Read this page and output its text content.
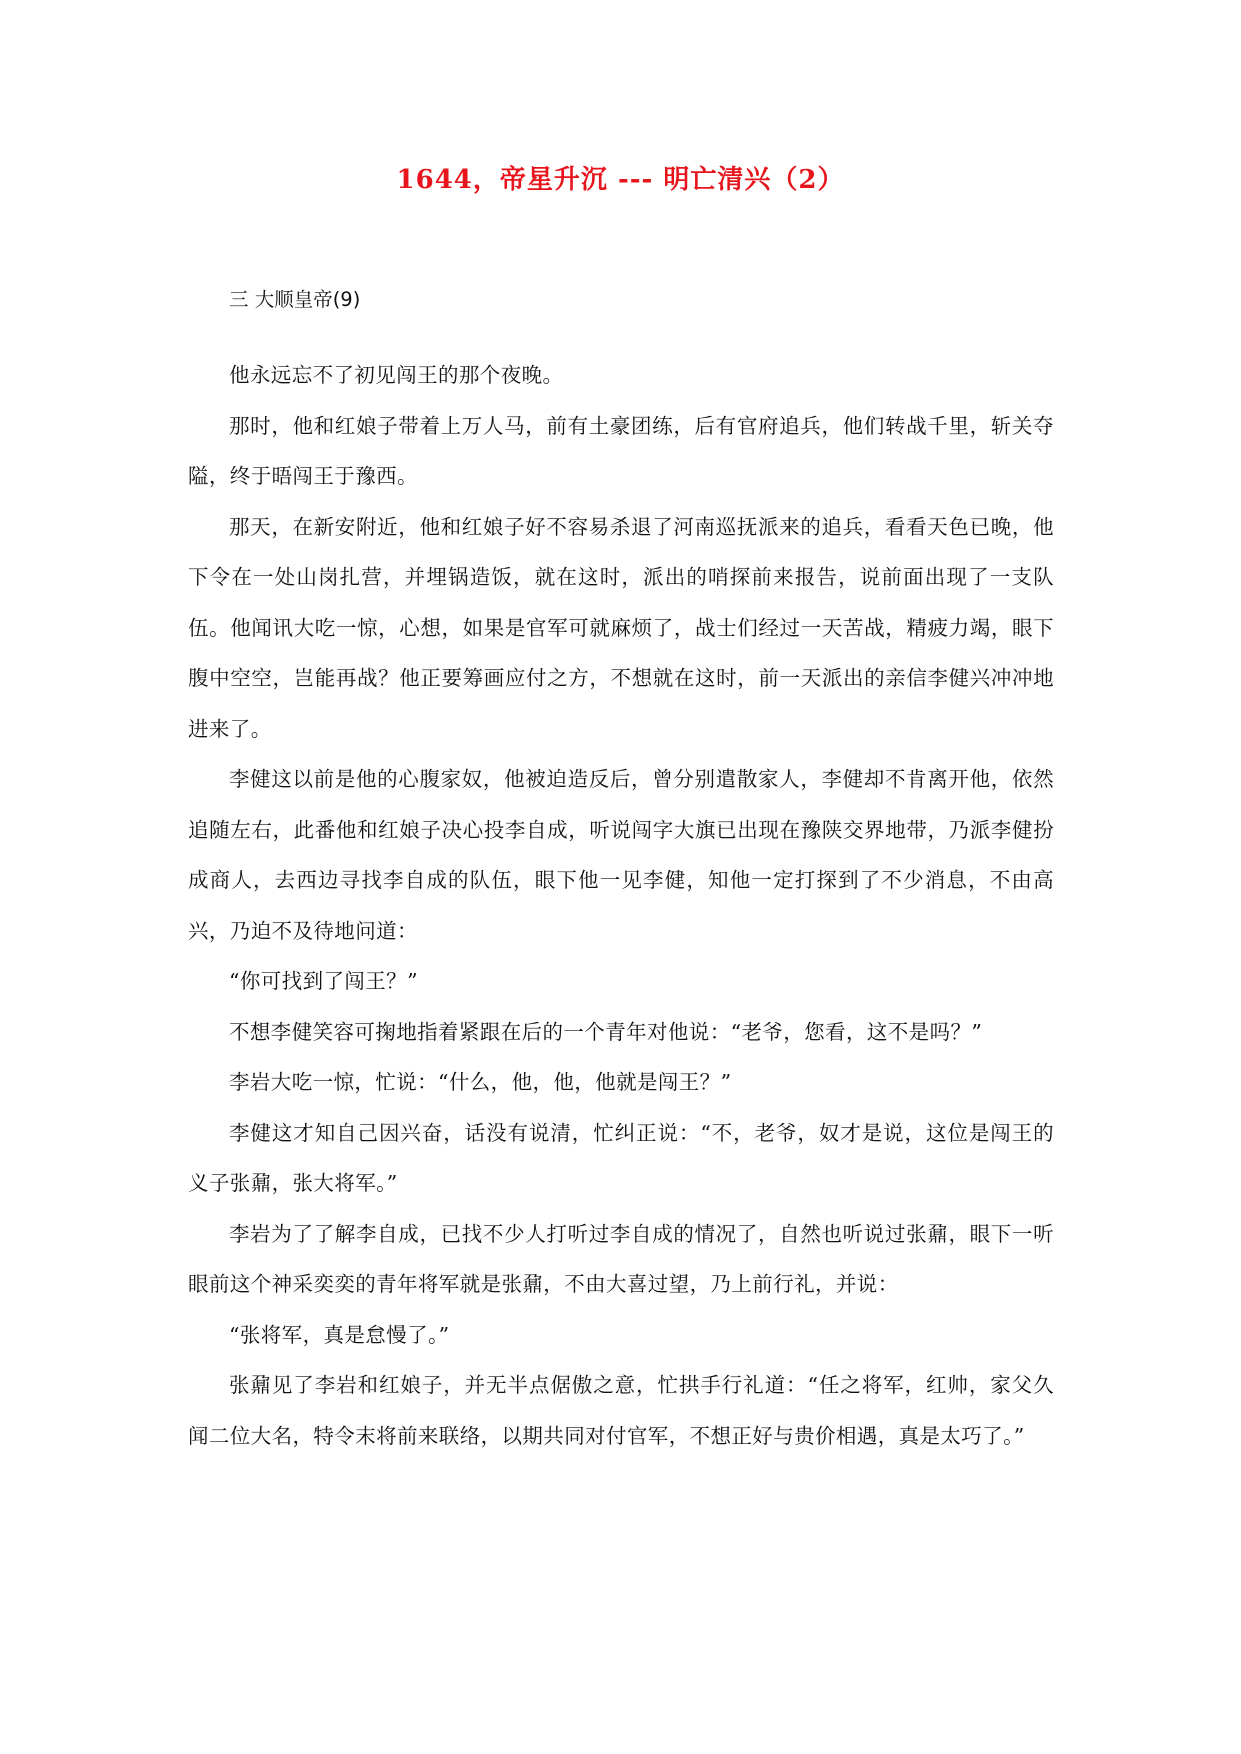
1644，帝星升沉 --- 明亡清兴（2）

三 大顺皇帝(9)

他永远忘不了初见闯王的那个夜晚。

那时，他和红娘子带着上万人马，前有土豪团练，后有官府追兵，他们转战千里，斩关夺隘，终于晤闯王于豫西。

那天，在新安附近，他和红娘子好不容易杀退了河南巡抚派来的追兵，看看天色已晚，他下令在一处山岗扎营，并埋锅造饭，就在这时，派出的哨探前来报告，说前面出现了一支队伍。他闻讯大吃一惊，心想，如果是官军可就麻烦了，战士们经过一天苦战，精疲力竭，眼下腹中空空，岂能再战？他正要筹画应付之方，不想就在这时，前一天派出的亲信李健兴冲冲地进来了。

李健这以前是他的心腹家奴，他被迫造反后，曾分别遣散家人，李健却不肯离开他，依然追随左右，此番他和红娘子决心投李自成，听说闯字大旗已出现在豫陕交界地带，乃派李健扮成商人，去西边寻找李自成的队伍，眼下他一见李健，知他一定打探到了不少消息，不由高兴，乃迫不及待地问道：

“你可找到了闯王？”

不想李健笑容可掬地指着紧跟在后的一个青年对他说：“老爷，您看，这不是吗？”

李岩大吃一惊，忙说：“什么，他，他，他就是闯王？”

李健这才知自己因兴奋，话没有说清，忙纠正说：“不，老爷，奴才是说，这位是闯王的义子张鼐，张大将军。”

李岩为了了解李自成，已找不少人打听过李自成的情况了，自然也听说过张鼐，眼下一听眼前这个神采奕奕的青年将军就是张鼐，不由大喜过望，乃上前行礼，并说：

“张将军，真是怠慢了。”

张鼐见了李岩和红娘子，并无半点倨傲之意，忙拱手行礼道：“任之将军，红帅，家父久闻二位大名，特令末将前来联络，以期共同对付官军，不想正好与贵价相遇，真是太巧了。”
